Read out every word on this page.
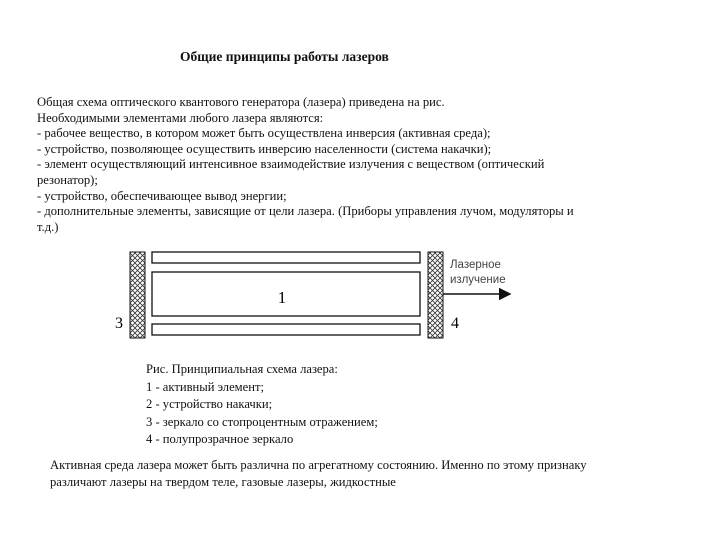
Общие принципы работы лазеров
Общая схема оптического квантового генератора (лазера) приведена на рис.
Необходимыми элементами любого лазера являются:
- рабочее вещество, в котором может быть осуществлена инверсия (активная среда);
- устройство, позволяющее осуществить инверсию населенности (система накачки);
- элемент осуществляющий интенсивное взаимодействие излучения с веществом (оптический
резонатор);
- устройство, обеспечивающее вывод энергии;
- дополнительные элементы, зависящие от цели лазера. (Приборы управления лучом, модуляторы и
т.д.)
1
3	4
Лазерное
излучение
Рис. Принципиальная схема лазера:
1 - активный элемент;
2 - устройство накачки;
3 - зеркало со стопроцентным отражением;
4 - полупрозрачное зеркало
Активная среда лазера может быть различна по агрегатному состоянию. Именно по этому признаку
различают лазеры на твердом теле, газовые лазеры, жидкостные
